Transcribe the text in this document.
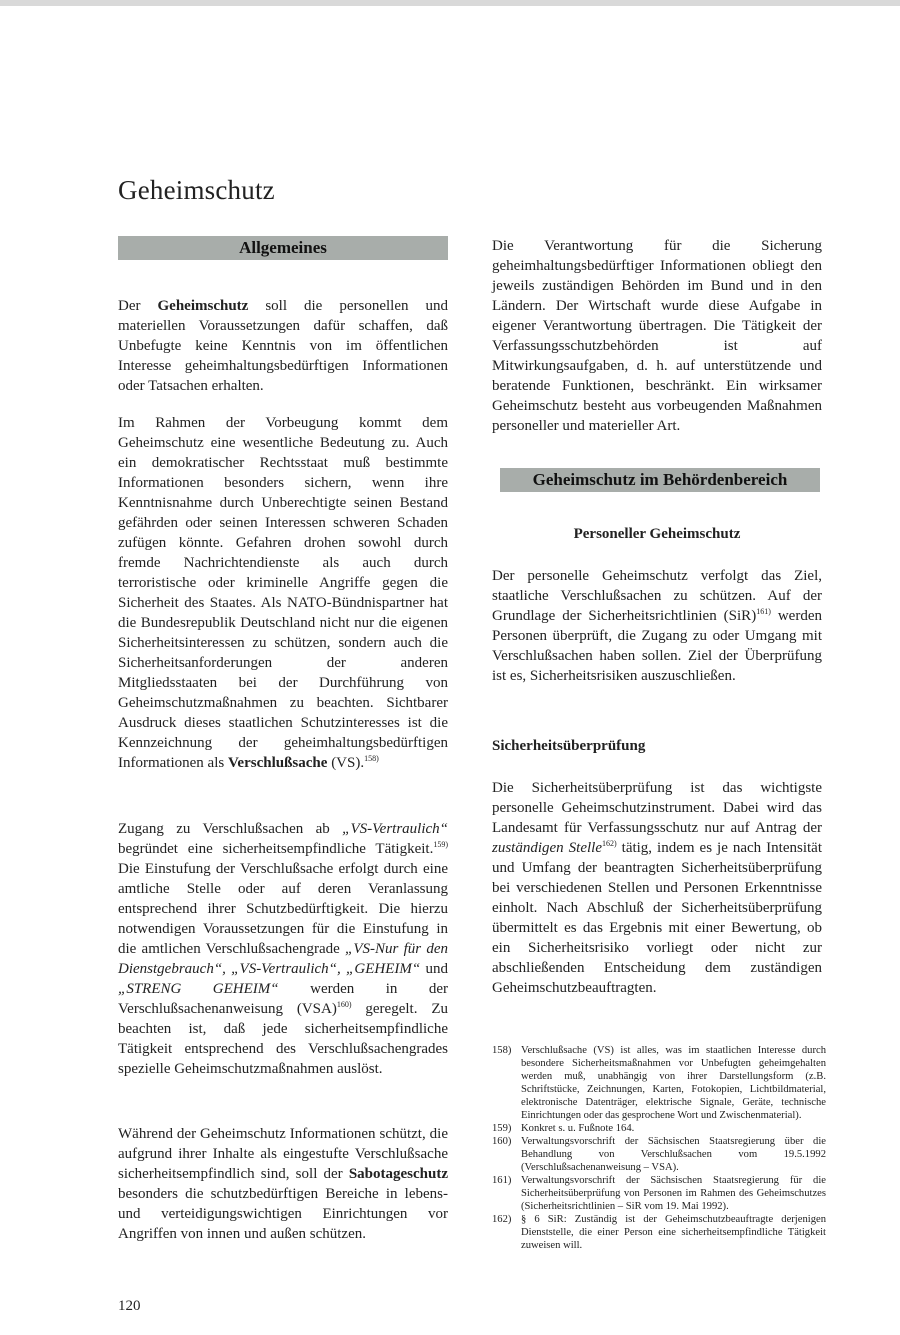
Geheimschutz
Allgemeines

Der Geheimschutz soll die personellen und materiellen Voraussetzungen dafür schaffen, daß Unbefugte keine Kenntnis von im öffentlichen Interesse geheimhaltungsbedürftigen Informationen oder Tatsachen erhalten.

Im Rahmen der Vorbeugung kommt dem Geheimschutz eine wesentliche Bedeutung zu. Auch ein demokratischer Rechtsstaat muß bestimmte Informationen besonders sichern, wenn ihre Kenntnisnahme durch Unberechtigte seinen Bestand gefährden oder seinen Interessen schweren Schaden zufügen könnte. Gefahren drohen sowohl durch fremde Nachrichtendienste als auch durch terroristische oder kriminelle Angriffe gegen die Sicherheit des Staates. Als NATO-Bündnispartner hat die Bundesrepublik Deutschland nicht nur die eigenen Sicherheitsinteressen zu schützen, sondern auch die Sicherheitsanforderungen der anderen Mitgliedsstaaten bei der Durchführung von Geheimschutzmaßnahmen zu beachten. Sichtbarer Ausdruck dieses staatlichen Schutzinteresses ist die Kennzeichnung der geheimhaltungsbedürftigen Informationen als Verschlußsache (VS).$^{158)}$

Zugang zu Verschlußsachen ab „VS-Vertraulich“ begründet eine sicherheitsempfindliche Tätigkeit.$^{159)}$ Die Einstufung der Verschlußsache erfolgt durch eine amtliche Stelle oder auf deren Veranlassung entsprechend ihrer Schutzbedürftigkeit. Die hierzu notwendigen Voraussetzungen für die Einstufung in die amtlichen Verschlußsachengrade „VS-Nur für den Dienstgebrauch“, „VS-Vertraulich“, „GEHEIM“ und „STRENG GEHEIM“ werden in der Verschlußsachenanweisung (VSA)$^{160)}$ geregelt. Zu beachten ist, daß jede sicherheitsempfindliche Tätigkeit entsprechend des Verschlußsachengrades spezielle Geheimschutzmaßnahmen auslöst.

Während der Geheimschutz Informationen schützt, die aufgrund ihrer Inhalte als eingestufte Verschlußsache sicherheitsempfindlich sind, soll der Sabotageschutz besonders die schutzbedürftigen Bereiche in lebens- und verteidigungswichtigen Einrichtungen vor Angriffen von innen und außen schützen.

120

Die Verantwortung für die Sicherung geheimhaltungsbedürftiger Informationen obliegt den jeweils zuständigen Behörden im Bund und in den Ländern. Der Wirtschaft wurde diese Aufgabe in eigener Verantwortung übertragen. Die Tätigkeit der Verfassungsschutzbehörden ist auf Mitwirkungsaufgaben, d. h. auf unterstützende und beratende Funktionen, beschränkt. Ein wirksamer Geheimschutz besteht aus vorbeugenden Maßnahmen personeller und materieller Art.

Geheimschutz im Behördenbereich
Personeller Geheimschutz

Der personelle Geheimschutz verfolgt das Ziel, staatliche Verschlußsachen zu schützen. Auf der Grundlage der Sicherheitsrichtlinien (SiR)$^{161)}$ werden Personen überprüft, die Zugang zu oder Umgang mit Verschlußsachen haben sollen. Ziel der Überprüfung ist es, Sicherheitsrisiken auszuschließen.

Sicherheitsüberprüfung

Die Sicherheitsüberprüfung ist das wichtigste personelle Geheimschutzinstrument. Dabei wird das Landesamt für Verfassungsschutz nur auf Antrag der zuständigen Stelle$^{162)}$ tätig, indem es je nach Intensität und Umfang der beantragten Sicherheitsüberprüfung bei verschiedenen Stellen und Personen Erkenntnisse einholt. Nach Abschluß der Sicherheitsüberprüfung übermittelt es das Ergebnis mit einer Bewertung, ob ein Sicherheitsrisiko vorliegt oder nicht zur abschließenden Entscheidung dem zuständigen Geheimschutzbeauftragten.

158) Verschlußsache (VS) ist alles, was im staatlichen Interesse durch besondere Sicherheitsmaßnahmen vor Unbefugten geheimgehalten werden muß, unabhängig von ihrer Darstellungsform (z.B. Schriftstücke, Zeichnungen, Karten, Fotokopien, Lichtbildmaterial, elektronische Datenträger, elektrische Signale, Geräte, technische Einrichtungen oder das gesprochene Wort und Zwischenmaterial).
159) Konkret s. u. Fußnote 164.
160) Verwaltungsvorschrift der Sächsischen Staatsregierung über die Behandlung von Verschlußsachen vom 19.5.1992 (Verschlußsachenanweisung – VSA).
161) Verwaltungsvorschrift der Sächsischen Staatsregierung für die Sicherheitsüberprüfung von Personen im Rahmen des Geheimschutzes (Sicherheitsrichtlinien – SiR vom 19. Mai 1992).
162) § 6 SiR: Zuständig ist der Geheimschutzbeauftragte derjenigen Dienststelle, die einer Person eine sicherheitsempfindliche Tätigkeit zuweisen will.
